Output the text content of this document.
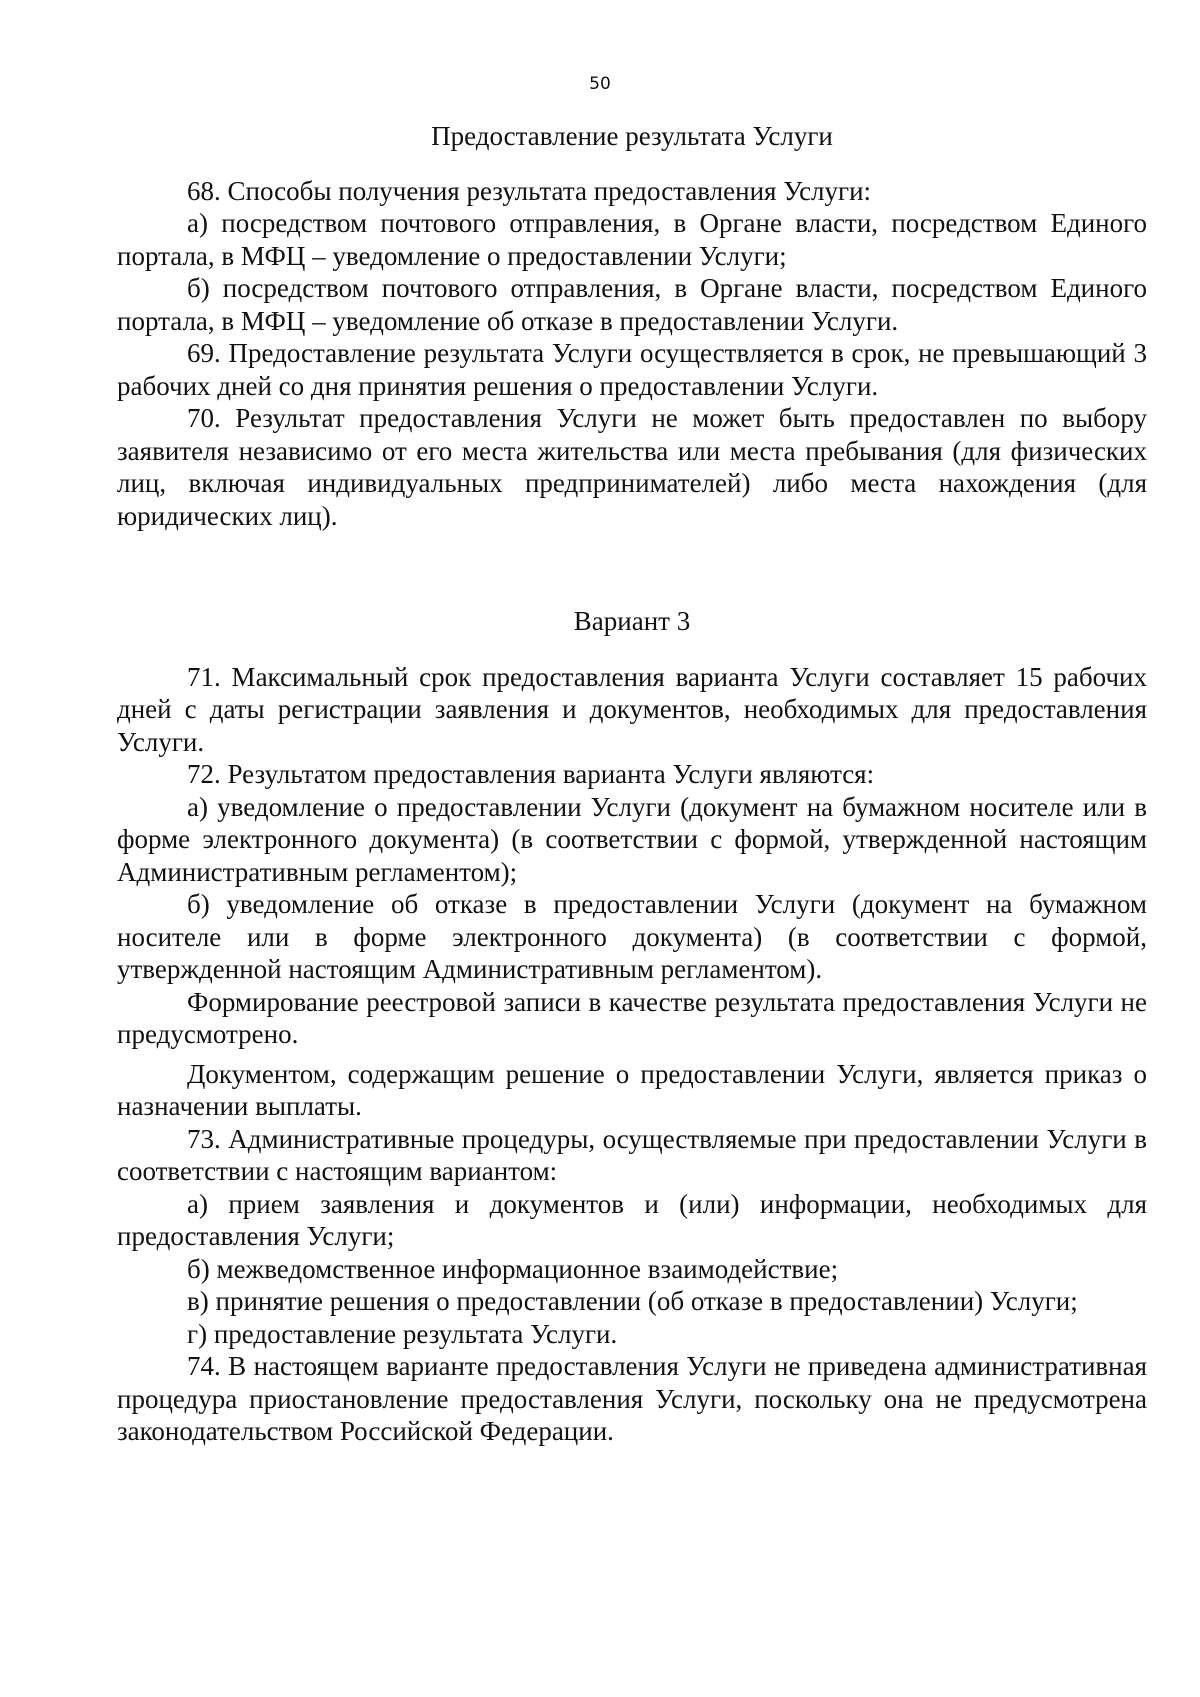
50

Предоставление результата Услуги

68. Способы получения результата предоставления Услуги:

а) посредством почтового отправления, в Органе власти, посредством Единого портала, в МФЦ – уведомление о предоставлении Услуги;

б) посредством почтового отправления, в Органе власти, посредством Единого портала, в МФЦ – уведомление об отказе в предоставлении Услуги.

69. Предоставление результата Услуги осуществляется в срок, не превышающий 3 рабочих дней со дня принятия решения о предоставлении Услуги.

70. Результат предоставления Услуги не может быть предоставлен по выбору заявителя независимо от его места жительства или места пребывания (для физических лиц, включая индивидуальных предпринимателей) либо места нахождения (для юридических лиц).

Вариант 3

71. Максимальный срок предоставления варианта Услуги составляет 15 рабочих дней с даты регистрации заявления и документов, необходимых для предоставления Услуги.

72. Результатом предоставления варианта Услуги являются:

а) уведомление о предоставлении Услуги (документ на бумажном носителе или в форме электронного документа) (в соответствии с формой, утвержденной настоящим Административным регламентом);

б) уведомление об отказе в предоставлении Услуги (документ на бумажном носителе или в форме электронного документа) (в соответствии с формой, утвержденной настоящим Административным регламентом).

Формирование реестровой записи в качестве результата предоставления Услуги не предусмотрено.

Документом, содержащим решение о предоставлении Услуги, является приказ о назначении выплаты.

73. Административные процедуры, осуществляемые при предоставлении Услуги в соответствии с настоящим вариантом:

а) прием заявления и документов и (или) информации, необходимых для предоставления Услуги;

б) межведомственное информационное взаимодействие;

в) принятие решения о предоставлении (об отказе в предоставлении) Услуги;

г) предоставление результата Услуги.

74. В настоящем варианте предоставления Услуги не приведена административная процедура приостановление предоставления Услуги, поскольку она не предусмотрена законодательством Российской Федерации.
